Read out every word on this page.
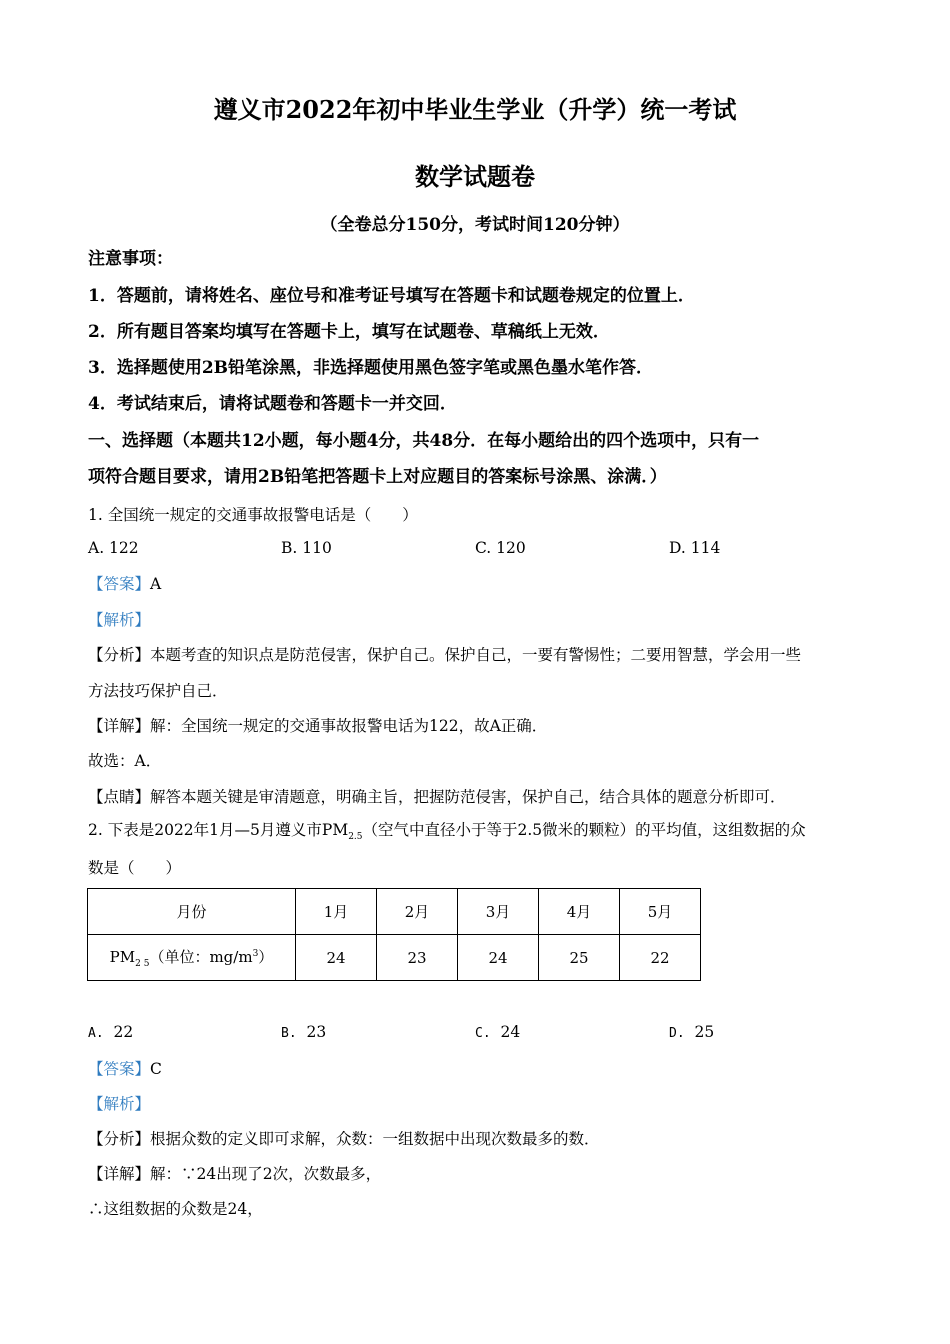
遵义市2022年初中毕业生学业（升学）统一考试
数学试题卷
（全卷总分150分，考试时间120分钟）
注意事项：
1．答题前，请将姓名、座位号和准考证号填写在答题卡和试题卷规定的位置上．
2．所有题目答案均填写在答题卡上，填写在试题卷、草稿纸上无效．
3．选择题使用2B铅笔涂黑，非选择题使用黑色签字笔或黑色墨水笔作答．
4．考试结束后，请将试题卷和答题卡一并交回．
一、选择题（本题共12小题，每小题4分，共48分．在每小题给出的四个选项中，只有一
项符合题目要求，请用2B铅笔把答题卡上对应题目的答案标号涂黑、涂满．）
1. 全国统一规定的交通事故报警电话是（　　）
A. 122	B. 110	C. 120	D. 114
【答案】A
【解析】
【分析】本题考查的知识点是防范侵害，保护自己。保护自己，一要有警惕性；二要用智慧，学会用一些
方法技巧保护自己．
【详解】解：全国统一规定的交通事故报警电话为122，故A正确．
故选：A．
【点睛】解答本题关键是审清题意，明确主旨，把握防范侵害，保护自己，结合具体的题意分析即可．
2. 下表是2022年1月—5月遵义市$PM_{2.5}$（空气中直径小于等于2.5微米的颗粒）的平均值，这组数据的众
数是（　　）
月份	1月	2月	3月	4月	5月
$PM_{2 5}$（单位：$mg/m^3$）	24	23	24	25	22
A. 22	B. 23	C. 24	D. 25
【答案】C
【解析】
【分析】根据众数的定义即可求解，众数：一组数据中出现次数最多的数．
【详解】解：∵24出现了2次，次数最多，
∴这组数据的众数是24，
